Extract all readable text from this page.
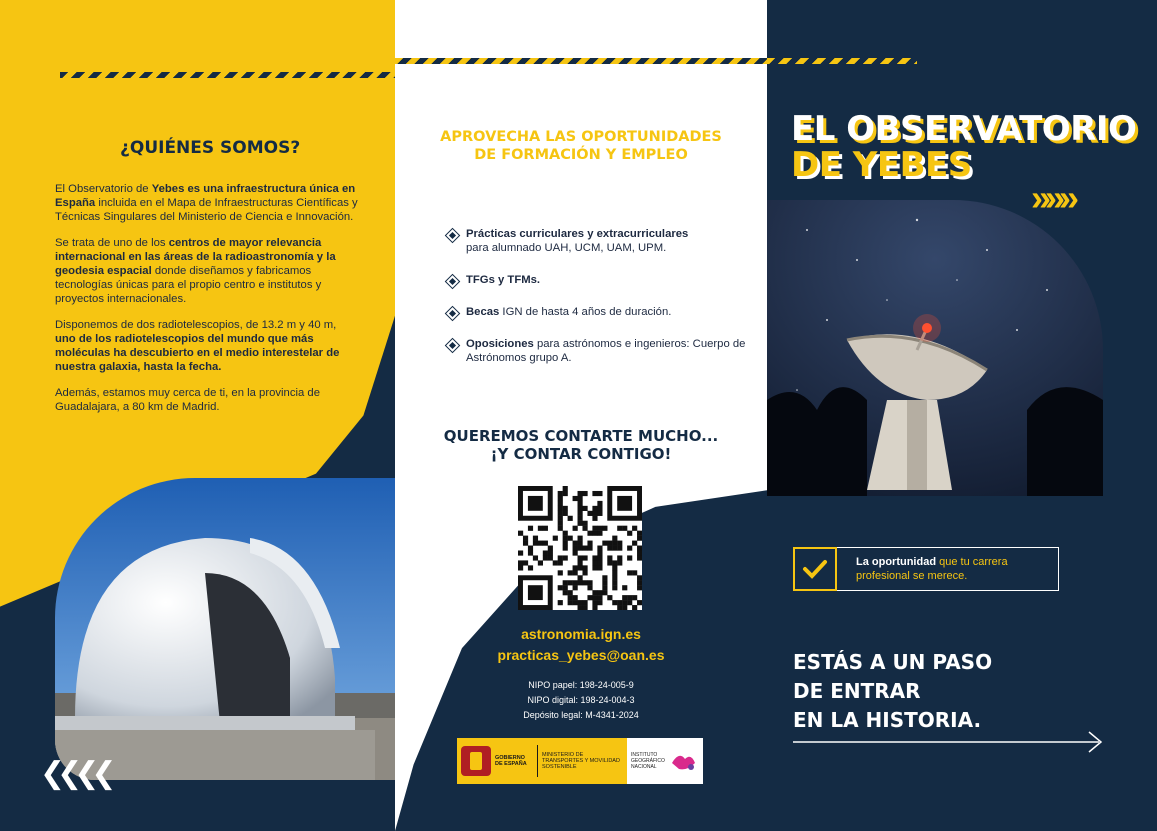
¿QUIÉNES SOMOS?

El Observatorio de Yebes es una infraestructura única en España incluida en el Mapa de Infraestructuras Científicas y Técnicas Singulares del Ministerio de Ciencia e Innovación.

Se trata de uno de los centros de mayor relevancia internacional en las áreas de la radioastronomía y la geodesia espacial donde diseñamos y fabricamos tecnologías únicas para el propio centro e institutos y proyectos internacionales.

Disponemos de dos radiotelescopios, de 13.2 m y 40 m, uno de los radiotelescopios del mundo que más moléculas ha descubierto en el medio interestelar de nuestra galaxia, hasta la fecha.

Además, estamos muy cerca de ti, en la provincia de Guadalajara, a 80 km de Madrid.

❮❮❮❮
APROVECHA LAS OPORTUNIDADES
DE FORMACIÓN Y EMPLEO
Prácticas curriculares y extracurriculares
para alumnado UAH, UCM, UAM, UPM.
TFGs y TFMs.
Becas IGN de hasta 4 años de duración.
Oposiciones para astrónomos e ingenieros: Cuerpo de Astrónomos grupo A.
QUEREMOS CONTARTE MUCHO...
¡Y CONTAR CONTIGO!
astronomia.ign.es
practicas_yebes@oan.es
NIPO papel: 198-24-005-9
NIPO digital: 198-24-004-3
Depósito legal: M-4341-2024
GOBIERNO DE ESPAÑA
MINISTERIO DE TRANSPORTES Y MOVILIDAD SOSTENIBLE
INSTITUTO GEOGRÁFICO NACIONAL
EL OBSERVATORIO
DE YEBES
»»»
La oportunidad que tu carrera profesional se merece.
ESTÁS A UN PASO
DE ENTRAR
EN LA HISTORIA.
